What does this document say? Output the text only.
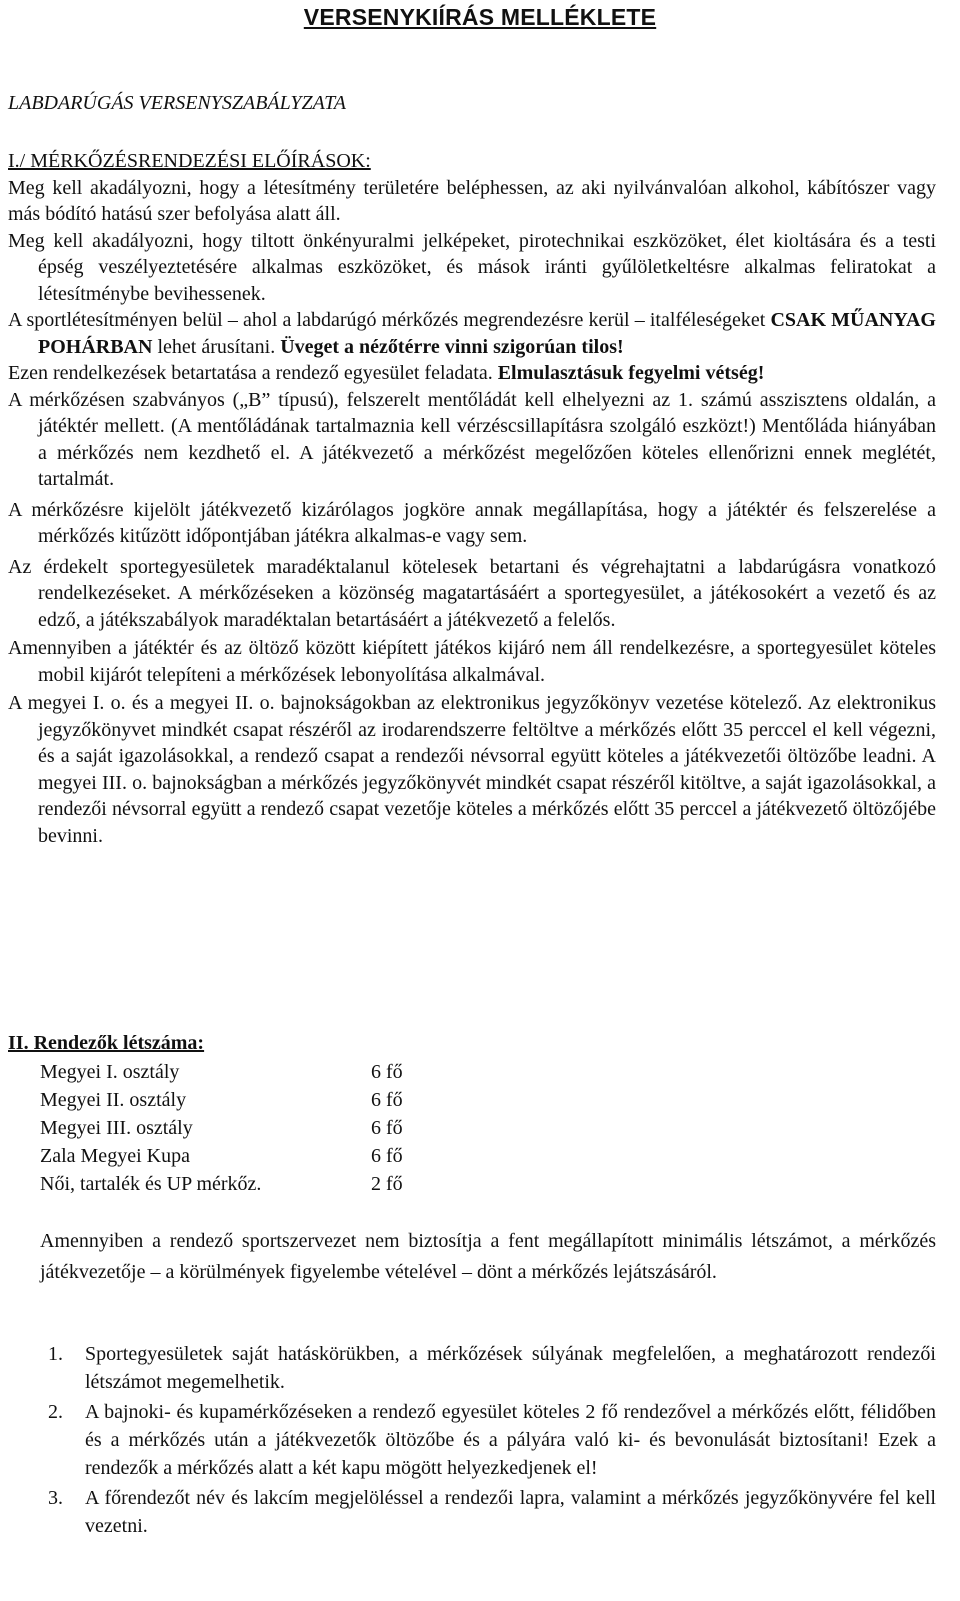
VERSENYKIÍRÁS MELLÉKLETE

LABDARÚGÁS VERSENYSZABÁLYZATA

I./ MÉRKŐZÉSRENDEZÉSI ELŐÍRÁSOK:

Meg kell akadályozni, hogy a létesítmény területére beléphessen, az aki nyilvánvalóan alkohol, kábítószer vagy más bódító hatású szer befolyása alatt áll.

Meg kell akadályozni, hogy tiltott önkényuralmi jelképeket, pirotechnikai eszközöket, élet kioltására és a testi épség veszélyeztetésére alkalmas eszközöket, és mások iránti gyűlöletkeltésre alkalmas feliratokat a létesítménybe bevihessenek.

A sportlétesítményen belül – ahol a labdarúgó mérkőzés megrendezésre kerül – italféleségeket CSAK MŰANYAG POHÁRBAN lehet árusítani. Üveget a nézőtérre vinni szigorúan tilos!

Ezen rendelkezések betartatása a rendező egyesület feladata. Elmulasztásuk fegyelmi vétség!

A mérkőzésen szabványos („B” típusú), felszerelt mentőládát kell elhelyezni az 1. számú asszisztens oldalán, a játéktér mellett. (A mentőládának tartalmaznia kell vérzéscsillapításra szolgáló eszközt!) Mentőláda hiányában a mérkőzés nem kezdhető el. A játékvezető a mérkőzést megelőzően köteles ellenőrizni ennek meglétét, tartalmát.

A mérkőzésre kijelölt játékvezető kizárólagos jogköre annak megállapítása, hogy a játéktér és felszerelése a mérkőzés kitűzött időpontjában játékra alkalmas-e vagy sem.

Az érdekelt sportegyesületek maradéktalanul kötelesek betartani és végrehajtatni a labdarúgásra vonatkozó rendelkezéseket. A mérkőzéseken a közönség magatartásáért a sportegyesület, a játékosokért a vezető és az edző, a játékszabályok maradéktalan betartásáért a játékvezető a felelős.

Amennyiben a játéktér és az öltöző között kiépített játékos kijáró nem áll rendelkezésre, a sportegyesület köteles mobil kijárót telepíteni a mérkőzések lebonyolítása alkalmával.

A megyei I. o. és a megyei II. o. bajnokságokban az elektronikus jegyzőkönyv vezetése kötelező. Az elektronikus jegyzőkönyvet mindkét csapat részéről az irodarendszerre feltöltve a mérkőzés előtt 35 perccel el kell végezni, és a saját igazolásokkal, a rendező csapat a rendezői névsorral együtt köteles a játékvezetői öltözőbe leadni. A megyei III. o. bajnokságban a mérkőzés jegyzőkönyvét mindkét csapat részéről kitöltve, a saját igazolásokkal, a rendezői névsorral együtt a rendező csapat vezetője köteles a mérkőzés előtt 35 perccel a játékvezető öltözőjébe bevinni.

II. Rendezők létszáma:

Megyei I. osztály	6 fő
Megyei II. osztály	6 fő
Megyei III. osztály	6 fő
Zala Megyei Kupa	6 fő
Női, tartalék és UP mérkőz.	2 fő

Amennyiben a rendező sportszervezet nem biztosítja a fent megállapított minimális létszámot, a mérkőzés játékvezetője – a körülmények figyelembe vételével – dönt a mérkőzés lejátszásáról.

1. Sportegyesületek saját hatáskörükben, a mérkőzések súlyának megfelelően, a meghatározott rendezői létszámot megemelhetik.
2. A bajnoki- és kupamérkőzéseken a rendező egyesület köteles 2 fő rendezővel a mérkőzés előtt, félidőben és a mérkőzés után a játékvezetők öltözőbe és a pályára való ki- és bevonulását biztosítani! Ezek a rendezők a mérkőzés alatt a két kapu mögött helyezkedjenek el!
3. A főrendezőt név és lakcím megjelöléssel a rendezői lapra, valamint a mérkőzés jegyzőkönyvére fel kell vezetni.
